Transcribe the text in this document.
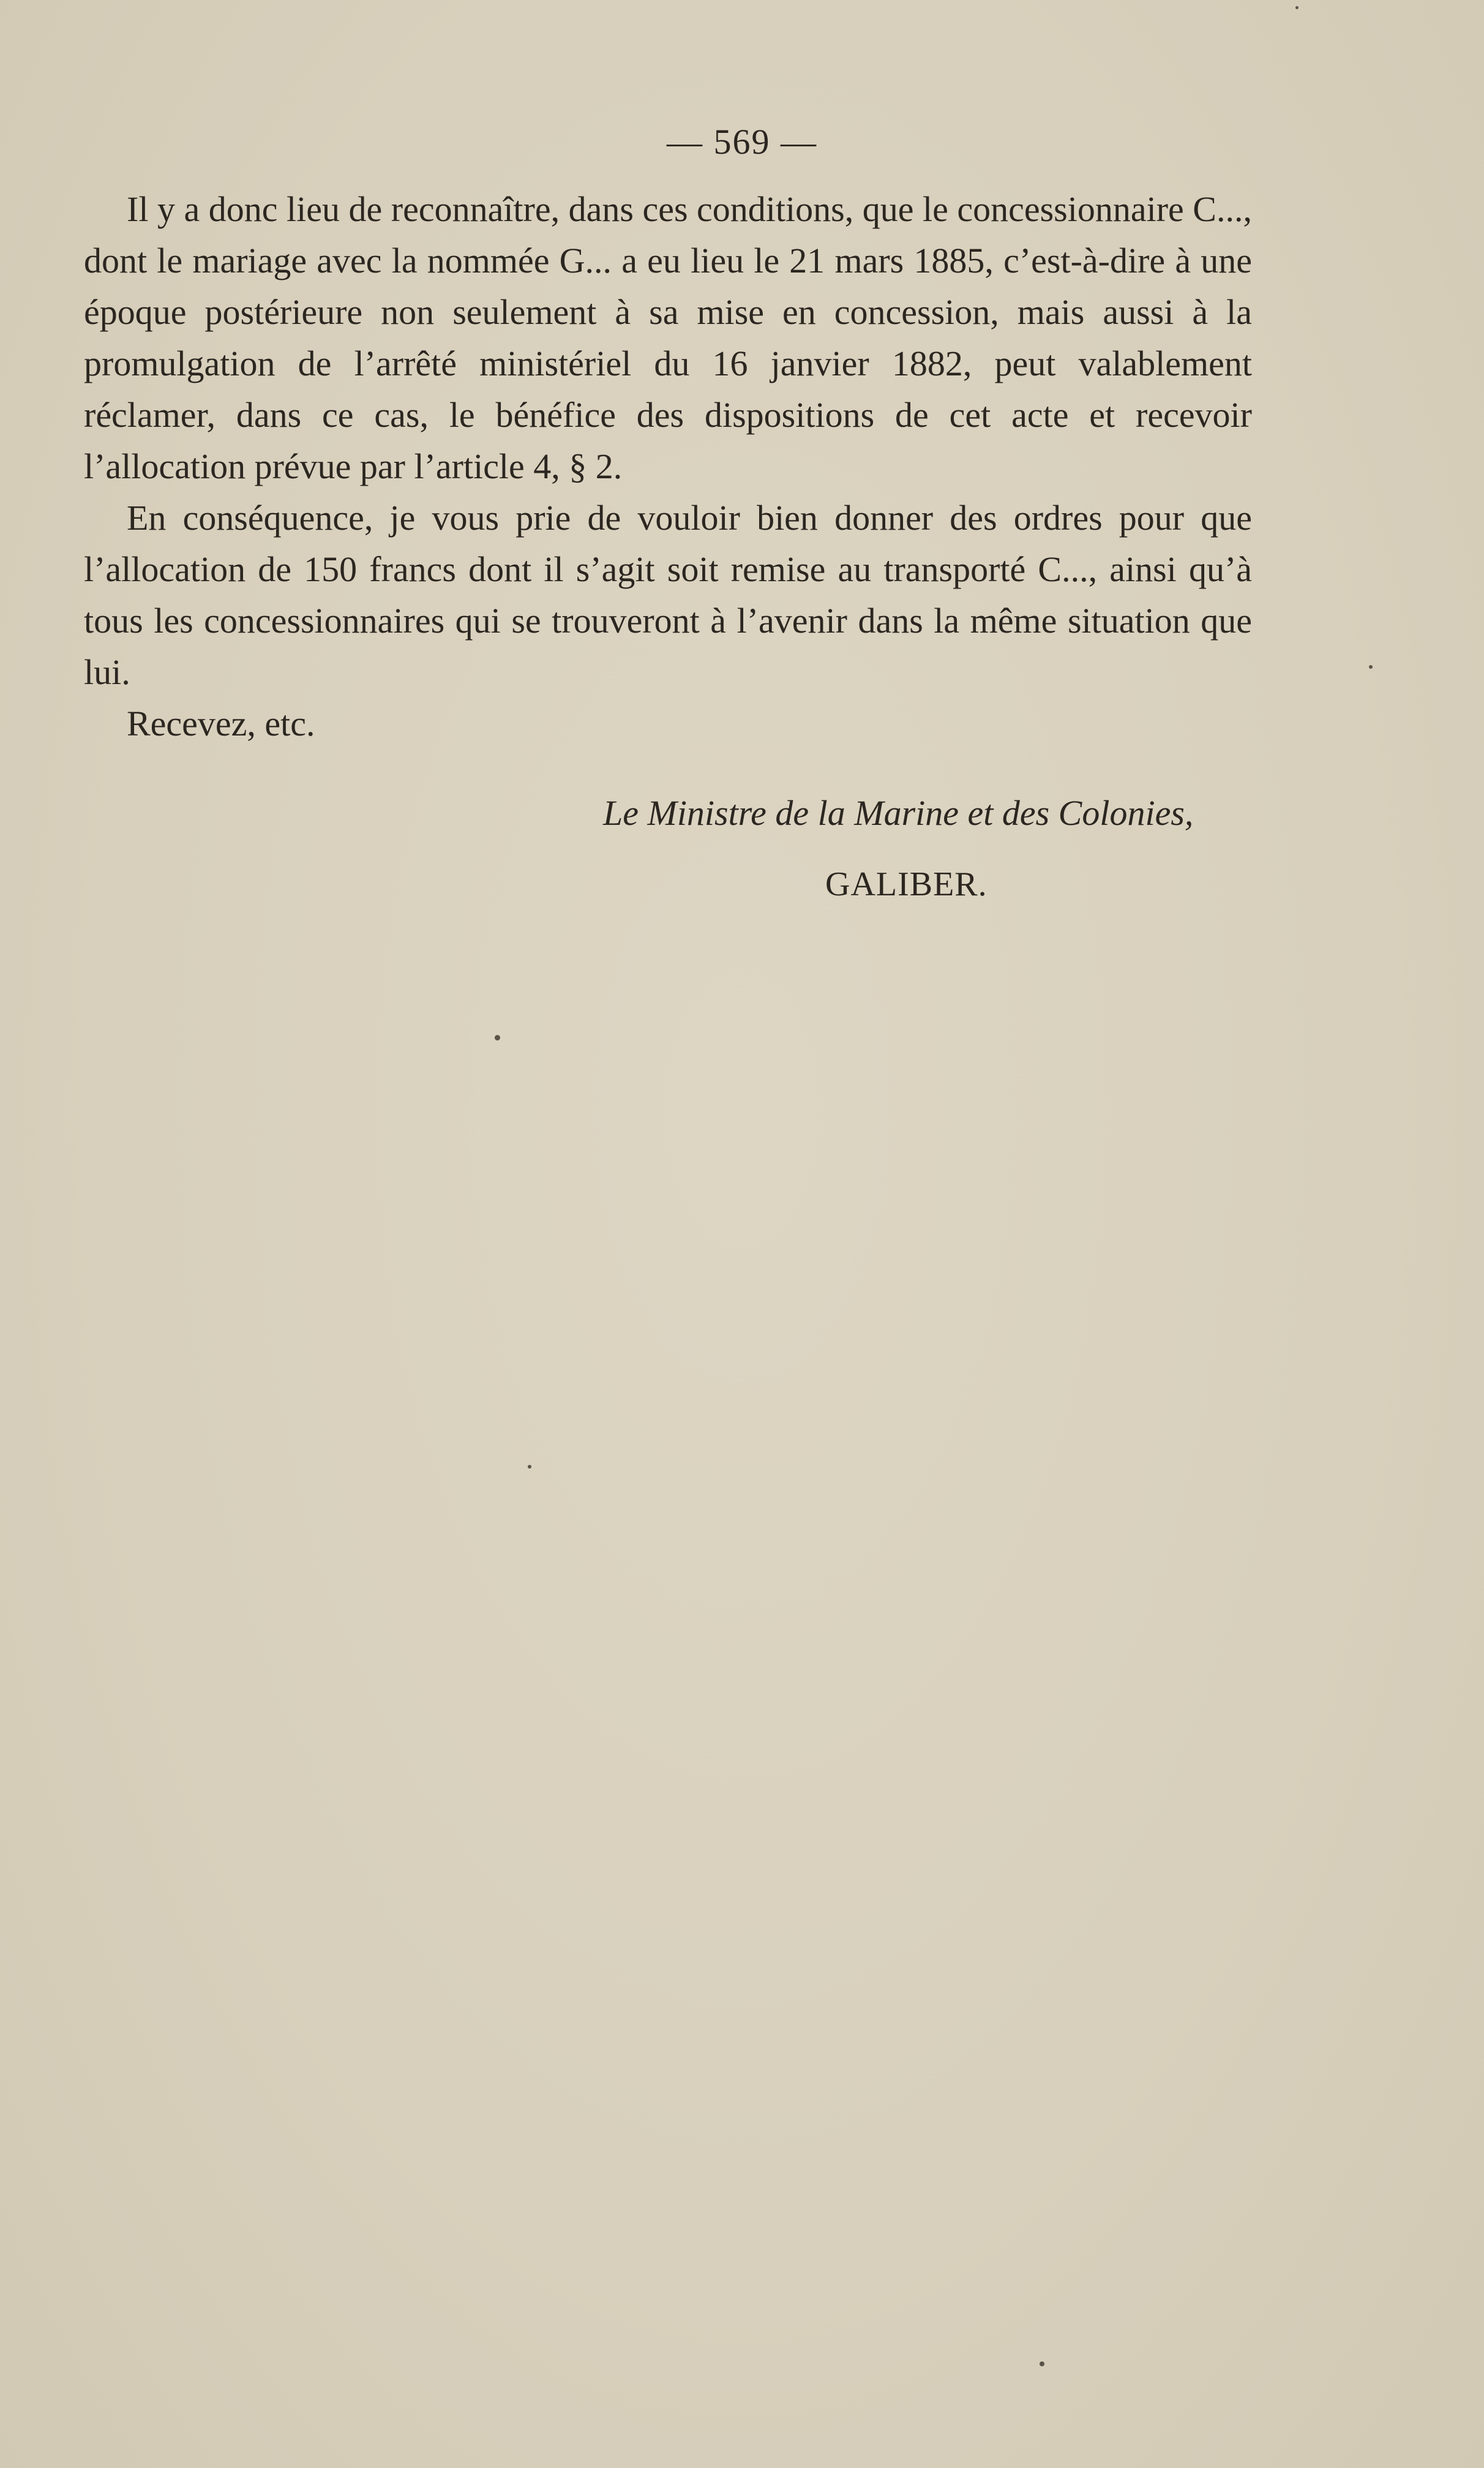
— 569 —

Il y a donc lieu de reconnaître, dans ces conditions, que le concessionnaire C..., dont le mariage avec la nommée G... a eu lieu le 21 mars 1885, c’est-à-dire à une époque postérieure non seulement à sa mise en concession, mais aussi à la promulgation de l’arrêté ministériel du 16 janvier 1882, peut valablement réclamer, dans ce cas, le bénéfice des dispositions de cet acte et recevoir l’allocation prévue par l’article 4, § 2.

En conséquence, je vous prie de vouloir bien donner des ordres pour que l’allocation de 150 francs dont il s’agit soit remise au transporté C..., ainsi qu’à tous les concessionnaires qui se trouveront à l’avenir dans la même situation que lui.

Recevez, etc.

Le Ministre de la Marine et des Colonies,
GALIBER.
